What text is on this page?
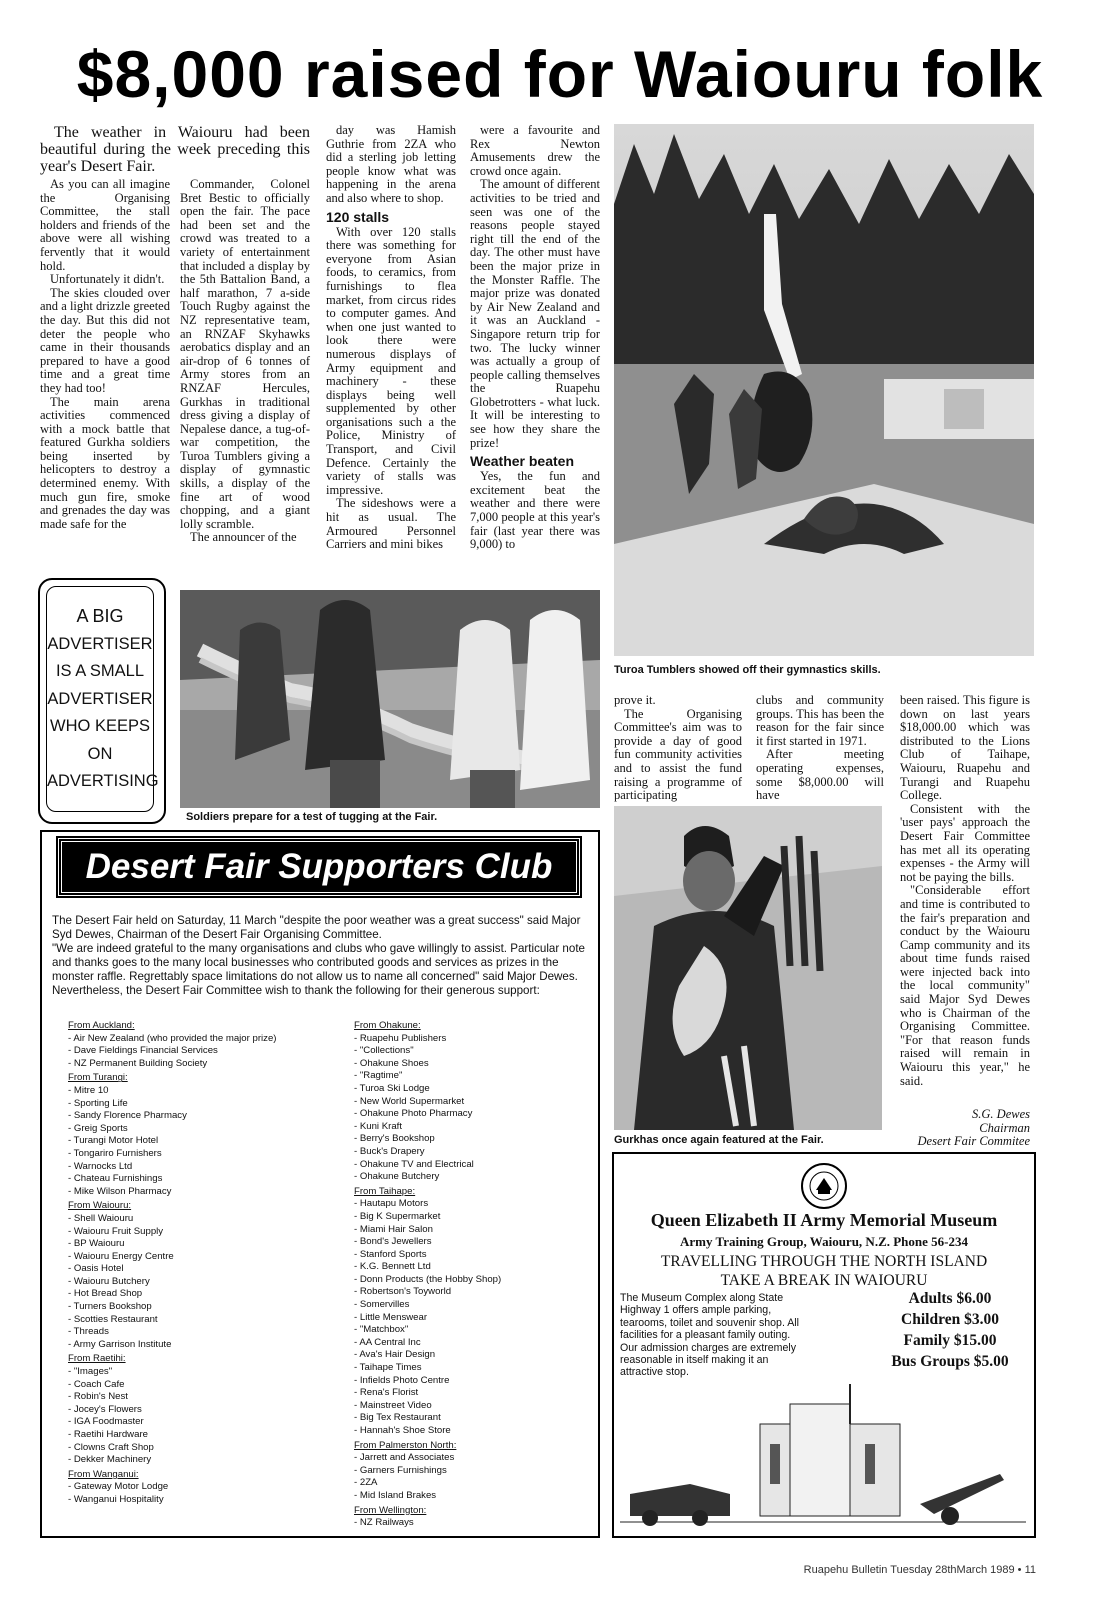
$8,000 raised for Waiouru folk

The weather in Waiouru had been beautiful during the week preceding this year's Desert Fair.

As you can all imagine the Organising Committee, the stall holders and friends of the above were all wishing fervently that it would hold.

Unfortunately it didn't.

The skies clouded over and a light drizzle greeted the day. But this did not deter the people who came in their thousands prepared to have a good time and a great time they had too!

The main arena activities commenced with a mock battle that featured Gurkha soldiers being inserted by helicopters to destroy a determined enemy. With much gun fire, smoke and grenades the day was made safe for the

Commander, Colonel Bret Bestic to officially open the fair. The pace had been set and the crowd was treated to a variety of entertainment that included a display by the 5th Battalion Band, a half marathon, 7 a-side Touch Rugby against the NZ representative team, an RNZAF Skyhawks aerobatics display and an air-drop of 6 tonnes of Army stores from an RNZAF Hercules, Gurkhas in traditional dress giving a display of Nepalese dance, a tug-of-war competition, the Turoa Tumblers giving a display of gymnastic skills, a display of the fine art of wood chopping, and a giant lolly scramble.

The announcer of the

day was Hamish Guthrie from 2ZA who did a sterling job letting people know what was happening in the arena and also where to shop.

120 stalls

With over 120 stalls there was something for everyone from Asian foods, to ceramics, from furnishings to flea market, from circus rides to computer games. And when one just wanted to look there were numerous displays of Army equipment and machinery - these displays being well supplemented by other organisations such a the Police, Ministry of Transport, and Civil Defence. Certainly the variety of stalls was impressive.

The sideshows were a hit as usual. The Armoured Personnel Carriers and mini bikes

were a favourite and Rex Newton Amusements drew the crowd once again.

The amount of different activities to be tried and seen was one of the reasons people stayed right till the end of the day. The other must have been the major prize in the Monster Raffle. The major prize was donated by Air New Zealand and it was an Auckland - Singapore return trip for two. The lucky winner was actually a group of people calling themselves the Ruapehu Globetrotters - what luck. It will be interesting to see how they share the prize!

Weather beaten

Yes, the fun and excitement beat the weather and there were 7,000 people at this year's fair (last year there was 9,000) to

Turoa Tumblers showed off their gymnastics skills.
A BIG
ADVERTISER
IS A SMALL
ADVERTISER
WHO KEEPS
ON
ADVERTISING
Soldiers prepare for a test of tugging at the Fair.

prove it.

The Organising Committee's aim was to provide a day of good fun community activities and to assist the fund raising a programme of participating

clubs and community groups. This has been the reason for the fair since it first started in 1971.

After meeting operating expenses, some $8,000.00 will have

been raised. This figure is down on last years $18,000.00 which was distributed to the Lions Club of Taihape, Waiouru, Ruapehu and Turangi and Ruapehu College.

Consistent with the 'user pays' approach the Desert Fair Committee has met all its operating expenses - the Army will not be paying the bills.

"Considerable effort and time is contributed to the fair's preparation and conduct by the Waiouru Camp community and its about time funds raised were injected back into the local community" said Major Syd Dewes who is Chairman of the Organising Committee. "For that reason funds raised will remain in Waiouru this year," he said.

S.G. Dewes
Chairman
Desert Fair Commitee
Gurkhas once again featured at the Fair.
Desert Fair Supporters Club

The Desert Fair held on Saturday, 11 March "despite the poor weather was a great success" said Major Syd Dewes, Chairman of the Desert Fair Organising Committee.

"We are indeed grateful to the many organisations and clubs who gave willingly to assist. Particular note and thanks goes to the many local businesses who contributed goods and services as prizes in the monster raffle. Regrettably space limitations do not allow us to name all concerned" said Major Dewes.

Nevertheless, the Desert Fair Committee wish to thank the following for their generous support:

From Auckland:
- Air New Zealand (who provided the major prize)
- Dave Fieldings Financial Services
- NZ Permanent Building Society
From Turangi:
- Mitre 10
- Sporting Life
- Sandy Florence Pharmacy
- Greig Sports
- Turangi Motor Hotel
- Tongariro Furnishers
- Warnocks Ltd
- Chateau Furnishings
- Mike Wilson Pharmacy
From Waiouru:
- Shell Waiouru
- Waiouru Fruit Supply
- BP Waiouru
- Waiouru Energy Centre
- Oasis Hotel
- Waiouru Butchery
- Hot Bread Shop
- Turners Bookshop
- Scotties Restaurant
- Threads
- Army Garrison Institute
From Raetihi:
- "Images"
- Coach Cafe
- Robin's Nest
- Jocey's Flowers
- IGA Foodmaster
- Raetihi Hardware
- Clowns Craft Shop
- Dekker Machinery
From Wanganui:
- Gateway Motor Lodge
- Wanganui Hospitality
From Ohakune:
- Ruapehu Publishers
- "Collections"
- Ohakune Shoes
- "Ragtime"
- Turoa Ski Lodge
- New World Supermarket
- Ohakune Photo Pharmacy
- Kuni Kraft
- Berry's Bookshop
- Buck's Drapery
- Ohakune TV and Electrical
- Ohakune Butchery
From Taihape:
- Hautapu Motors
- Big K Supermarket
- Miami Hair Salon
- Bond's Jewellers
- Stanford Sports
- K.G. Bennett Ltd
- Donn Products (the Hobby Shop)
- Robertson's Toyworld
- Somervilles
- Little Menswear
- "Matchbox"
- AA Central Inc
- Ava's Hair Design
- Taihape Times
- Infields Photo Centre
- Rena's Florist
- Mainstreet Video
- Big Tex Restaurant
- Hannah's Shoe Store
From Palmerston North:
- Jarrett and Associates
- Garners Furnishings
- 2ZA
- Mid Island Brakes
From Wellington:
- NZ Railways
Queen Elizabeth II Army Memorial Museum
Army Training Group, Waiouru, N.Z. Phone 56-234
TRAVELLING THROUGH THE NORTH ISLAND
TAKE A BREAK IN WAIOURU
The Museum Complex along State Highway 1 offers ample parking, tearooms, toilet and souvenir shop. All facilities for a pleasant family outing. Our admission charges are extremely reasonable in itself making it an attractive stop.
Adults $6.00
Children $3.00
Family $15.00
Bus Groups $5.00
Ruapehu Bulletin Tuesday 28thMarch 1989 • 11
